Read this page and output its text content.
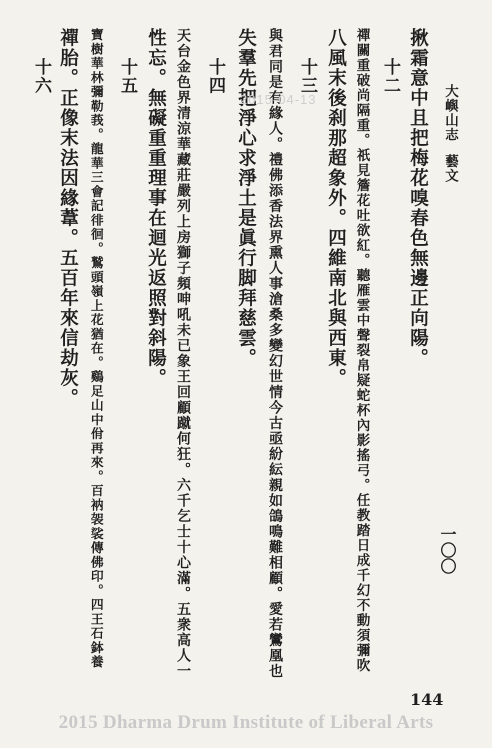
大嶼山志藝文
揪霜意中且把梅花嗅春色無邊正向陽。
十二
禪關重破尚隔重。祇見簷花吐欲紅。聽雁雲中聲裂帛疑蛇杯內影搖弓。任教踏日成千幻不動須彌吹
八風末後刹那超象外。四維南北與西東。
十三
與君同是有緣人。禮佛添香法界熏人事滄桑多變幻世情今古亟紛紜親如鴿鳴難相顧。愛若鸞凰也
失羣先把淨心求淨土是眞行脚拜慈雲。
十四
天台金色界清涼華藏莊嚴列上房獅子頻呻吼未已象王回顧蹴何狂。六千乞士十心滿。五衆高人一
性忘。無礙重重理事在迴光返照對斜陽。
十五
寶樹華林彌勒莪。龍華三會記徘徊。鷲頭嶺上花猶在。鷄足山中佾再來。百衲袈裟傳佛印。四王石鉢養
禪胎。正像末法因緣葦。五百年來信劫灰。
十六
一〇〇
144
2015-04-13
2015 Dharma Drum Institute of Liberal Arts
